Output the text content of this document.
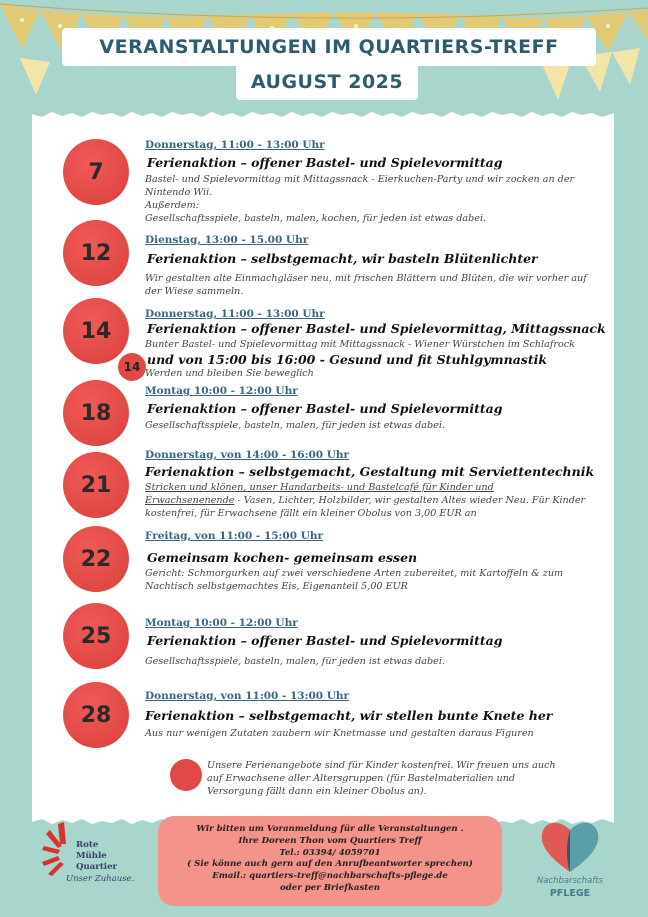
VERANSTALTUNGEN IM QUARTIERS-TREFF
AUGUST 2025
7
Donnerstag, 11:00 - 13:00 Uhr
Ferienaktion – offener Bastel- und Spielevormittag
Bastel- und Spielevormittag mit Mittagssnack - Eierkuchen-Party und wir zocken an der
Nintendo Wii.
Außerdem:
Gesellschaftsspiele, basteln, malen, kochen, für jeden ist etwas dabei.
12
Dienstag, 13:00 - 15.00 Uhr
Ferienaktion – selbstgemacht, wir basteln Blütenlichter
Wir gestalten alte Einmachgläser neu, mit frischen Blättern und Blüten, die wir vorher auf
der Wiese sammeln.
14
Donnerstag, 11:00 - 13:00 Uhr
Ferienaktion – offener Bastel- und Spielevormittag, Mittagssnack
Bunter Bastel- und Spielevormittag mit Mittagssnack - Wiener Würstchen im Schlafrock
14 und von 15:00 bis 16:00 - Gesund und fit Stuhlgymnastik
Werden und bleiben Sie beweglich
18
Montag 10:00 - 12:00 Uhr
Ferienaktion – offener Bastel- und Spielevormittag
Gesellschaftsspiele, basteln, malen, für jeden ist etwas dabei.
21
Donnerstag, von 14:00 - 16:00 Uhr
Ferienaktion – selbstgemacht, Gestaltung mit Serviettentechnik
Stricken und klönen, unser Handarbeits- und Bastelcafé für Kinder und
Erwachsenenende - Vasen, Lichter, Holzbilder, wir gestalten Altes wieder Neu. Für Kinder
kostenfrei, für Erwachsene fällt ein kleiner Obolus von 3,00 EUR an
22
Freitag, von 11:00 - 15:00 Uhr
Gemeinsam kochen- gemeinsam essen
Gericht: Schmorgurken auf zwei verschiedene Arten zubereitet, mit Kartoffeln & zum
Nachtisch selbstgemachtes Eis, Eigenanteil 5,00 EUR
25
Montag 10:00 - 12:00 Uhr
Ferienaktion – offener Bastel- und Spielevormittag
Gesellschaftsspiele, basteln, malen, für jeden ist etwas dabei.
28
Donnerstag, von 11:00 - 13:00 Uhr
Ferienaktion – selbstgemacht, wir stellen bunte Knete her
Aus nur wenigen Zutaten zaubern wir Knetmasse und gestalten daraus Figuren
Unsere Ferienangebote sind für Kinder kostenfrei. Wir freuen uns auch
auf Erwachsene aller Altersgruppen (für Bastelmaterialien und
Versorgung fällt dann ein kleiner Obolus an).
Wir bitten um Voranmeldung für alle Veranstaltungen .
Ihre Doreen Thon vom Quartiers Treff
Tel.: 03394/ 4059701
( Sie könne auch gern auf den Anrufbeantworter sprechen)
Email.: quartiers-treff@nachbarschafts-pflege.de
oder per Briefkasten
Rote
Mühle
Quartier
Unser Zuhause.	Nachbarschafts
PFLEGE
